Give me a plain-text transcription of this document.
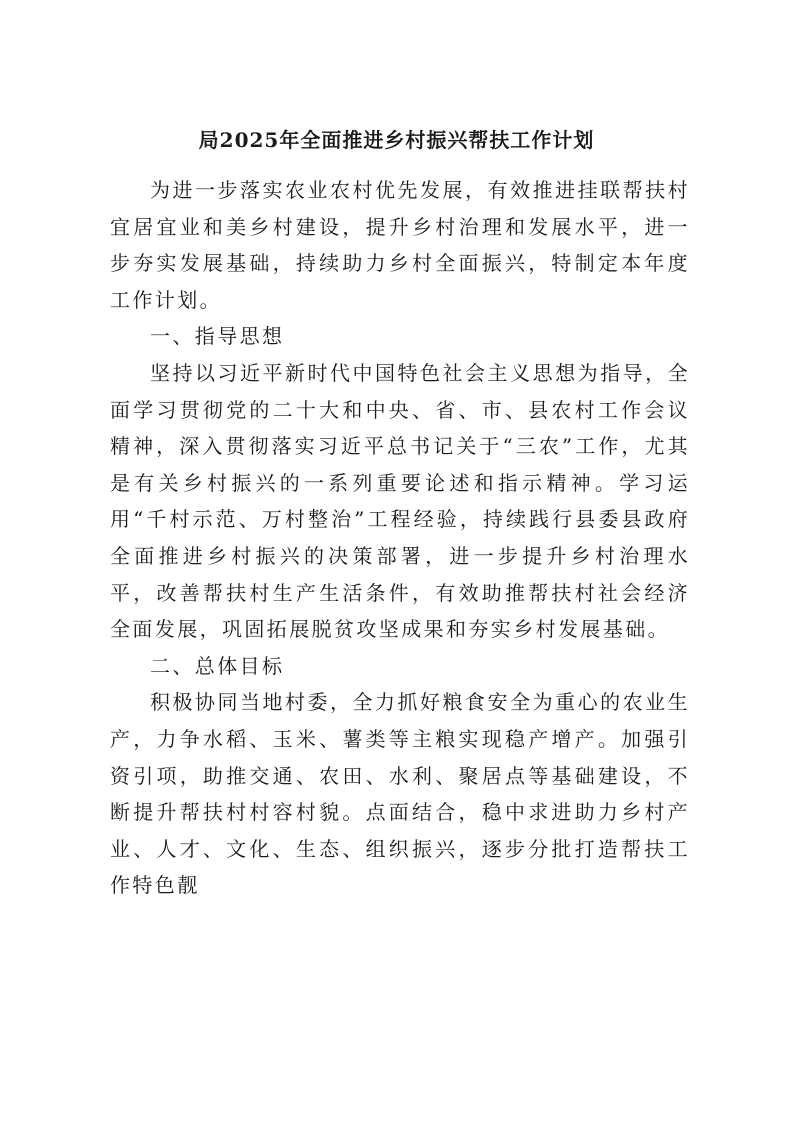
局2025年全面推进乡村振兴帮扶工作计划

为进一步落实农业农村优先发展，有效推进挂联帮扶村宜居宜业和美乡村建设，提升乡村治理和发展水平，进一步夯实发展基础，持续助力乡村全面振兴，特制定本年度工作计划。

一、指导思想

坚持以习近平新时代中国特色社会主义思想为指导，全面学习贯彻党的二十大和中央、省、市、县农村工作会议精神，深入贯彻落实习近平总书记关于“三农”工作，尤其是有关乡村振兴的一系列重要论述和指示精神。学习运用“千村示范、万村整治”工程经验，持续践行县委县政府全面推进乡村振兴的决策部署，进一步提升乡村治理水平，改善帮扶村生产生活条件，有效助推帮扶村社会经济全面发展，巩固拓展脱贫攻坚成果和夯实乡村发展基础。

二、总体目标

积极协同当地村委，全力抓好粮食安全为重心的农业生产，力争水稻、玉米、薯类等主粮实现稳产增产。加强引资引项，助推交通、农田、水利、聚居点等基础建设，不断提升帮扶村村容村貌。点面结合，稳中求进助力乡村产业、人才、文化、生态、组织振兴，逐步分批打造帮扶工作特色靓
